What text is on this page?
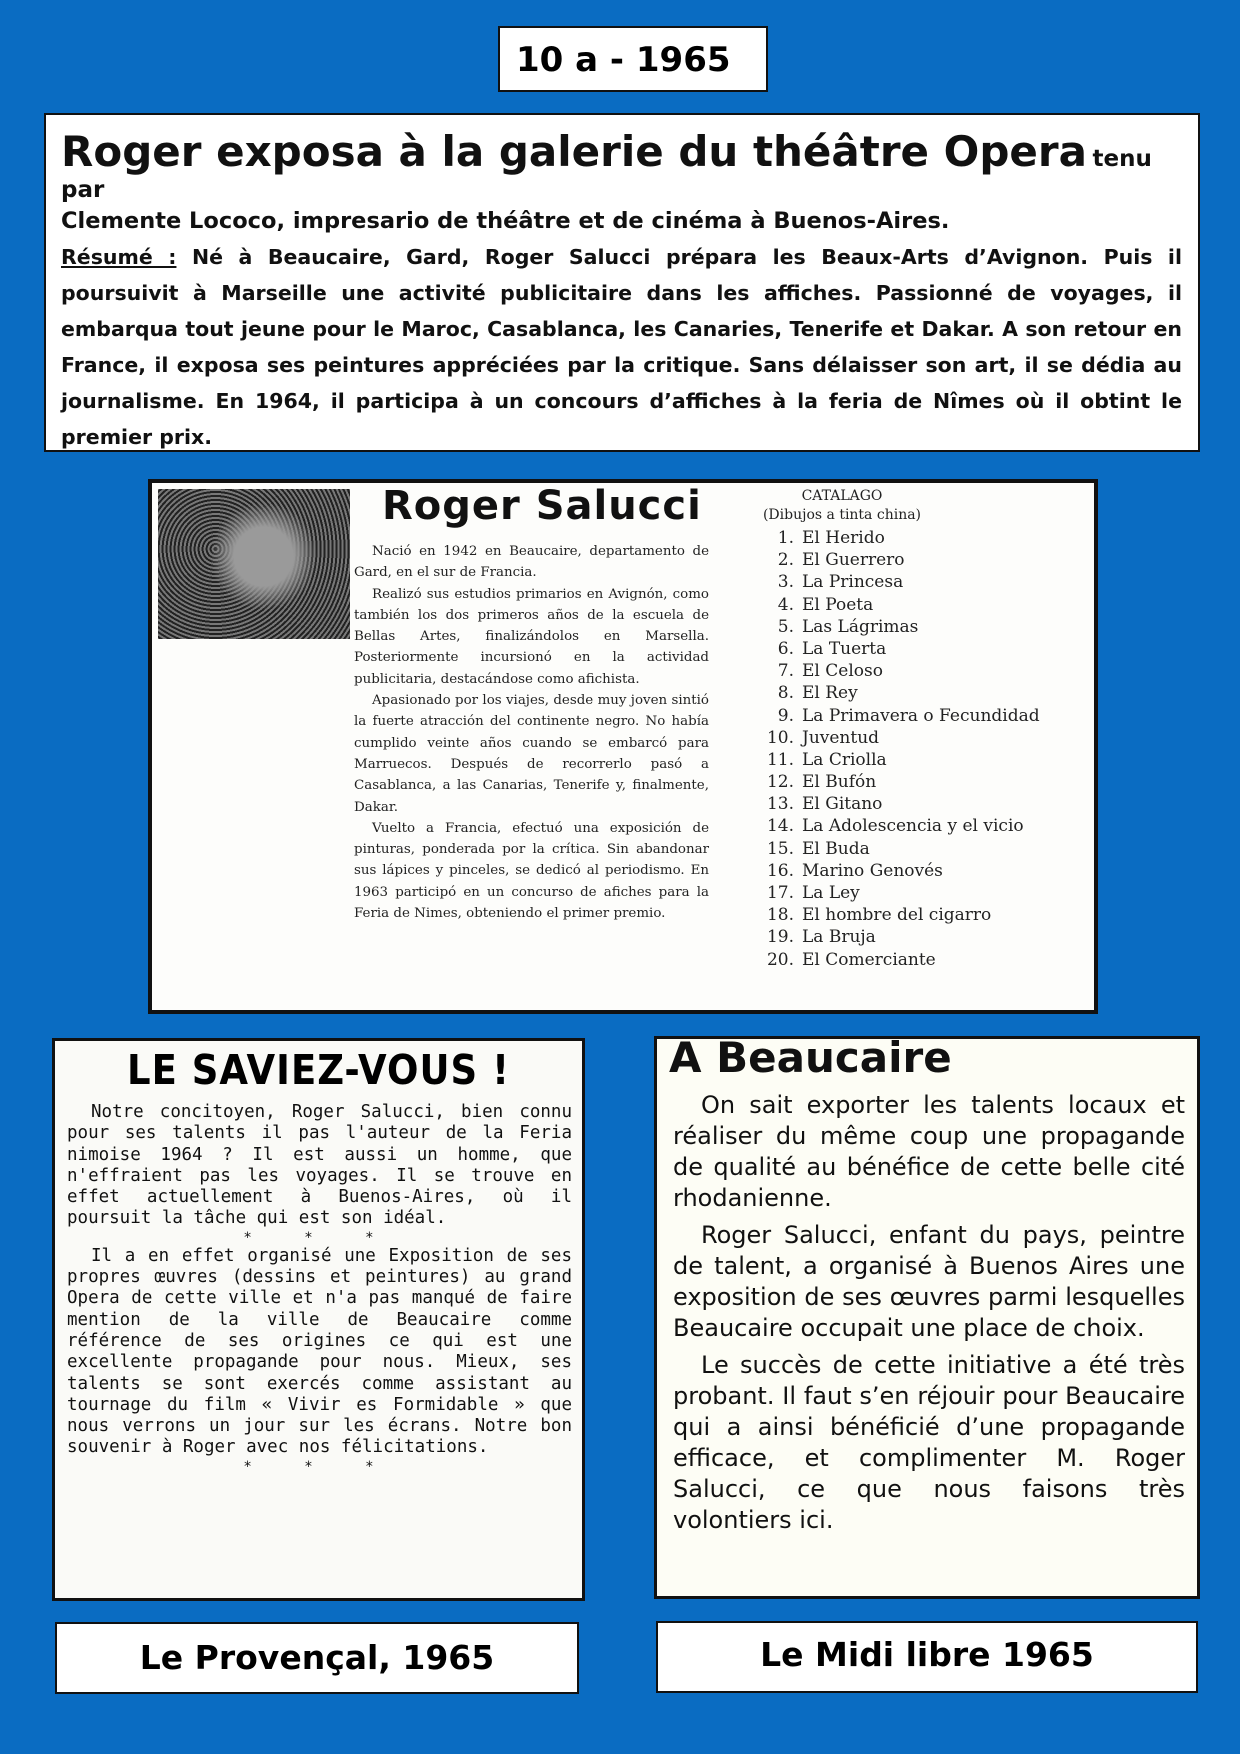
10 a - 1965
Roger exposa à la galerie du théâtre Opera tenu par
Clemente Lococo, impresario de théâtre et de cinéma à Buenos-Aires.
Résumé : Né à Beaucaire, Gard, Roger Salucci prépara les Beaux-Arts d’Avignon. Puis il poursuivit à Marseille une activité publicitaire dans les affiches. Passionné de voyages, il embarqua tout jeune pour le Maroc, Casablanca, les Canaries, Tenerife et Dakar. A son retour en France, il exposa ses peintures appréciées par la critique. Sans délaisser son art, il se dédia au journalisme. En 1964, il participa à un concours d’affiches à la feria de Nîmes où il obtint le premier prix.
Roger Salucci

Nació en 1942 en Beaucaire, departamento de Gard, en el sur de Francia.

Realizó sus estudios primarios en Avignón, como también los dos primeros años de la escuela de Bellas Artes, finalizándolos en Marsella. Posteriormente incursionó en la actividad publicitaria, destacándose como afichista.

Apasionado por los viajes, desde muy joven sintió la fuerte atracción del continente negro. No había cumplido veinte años cuando se embarcó para Marruecos. Después de recorrerlo pasó a Casablanca, a las Canarias, Tenerife y, finalmente, Dakar.

Vuelto a Francia, efectuó una exposición de pinturas, ponderada por la crítica. Sin abandonar sus lápices y pinceles, se dedicó al periodismo. En 1963 participó en un concurso de afiches para la Feria de Nimes, obteniendo el primer premio.

CATALAGO
(Dibujos a tinta china)
1. El Herido
2. El Guerrero
3. La Princesa
4. El Poeta
5. Las Lágrimas
6. La Tuerta
7. El Celoso
8. El Rey
9. La Primavera o Fecundidad
10. Juventud
11. La Criolla
12. El Bufón
13. El Gitano
14. La Adolescencia y el vicio
15. El Buda
16. Marino Genovés
17. La Ley
18. El hombre del cigarro
19. La Bruja
20. El Comerciante
LE SAVIEZ-VOUS !

Notre concitoyen, Roger Salucci, bien connu pour ses talents il pas l'auteur de la Feria nimoise 1964 ? Il est aussi un homme, que n'effraient pas les voyages. Il se trouve en effet actuellement à Buenos-Aires, où il poursuit la tâche qui est son idéal.

* * *

Il a en effet organisé une Exposition de ses propres œuvres (dessins et peintures) au grand Opera de cette ville et n'a pas manqué de faire mention de la ville de Beaucaire comme référence de ses origines ce qui est une excellente propagande pour nous. Mieux, ses talents se sont exercés comme assistant au tournage du film « Vivir es Formidable » que nous verrons un jour sur les écrans. Notre bon souvenir à Roger avec nos félicitations.

* * *
A Beaucaire

On sait exporter les talents locaux et réaliser du même coup une propagande de qualité au bénéfice de cette belle cité rhodanienne.

Roger Salucci, enfant du pays, peintre de talent, a organisé à Buenos Aires une exposition de ses œuvres parmi lesquelles Beaucaire occupait une place de choix.

Le succès de cette initiative a été très probant. Il faut s’en réjouir pour Beaucaire qui a ainsi bénéficié d’une propagande efficace, et complimenter M. Roger Salucci, ce que nous faisons très volontiers ici.

Le Provençal, 1965	Le Midi libre 1965
